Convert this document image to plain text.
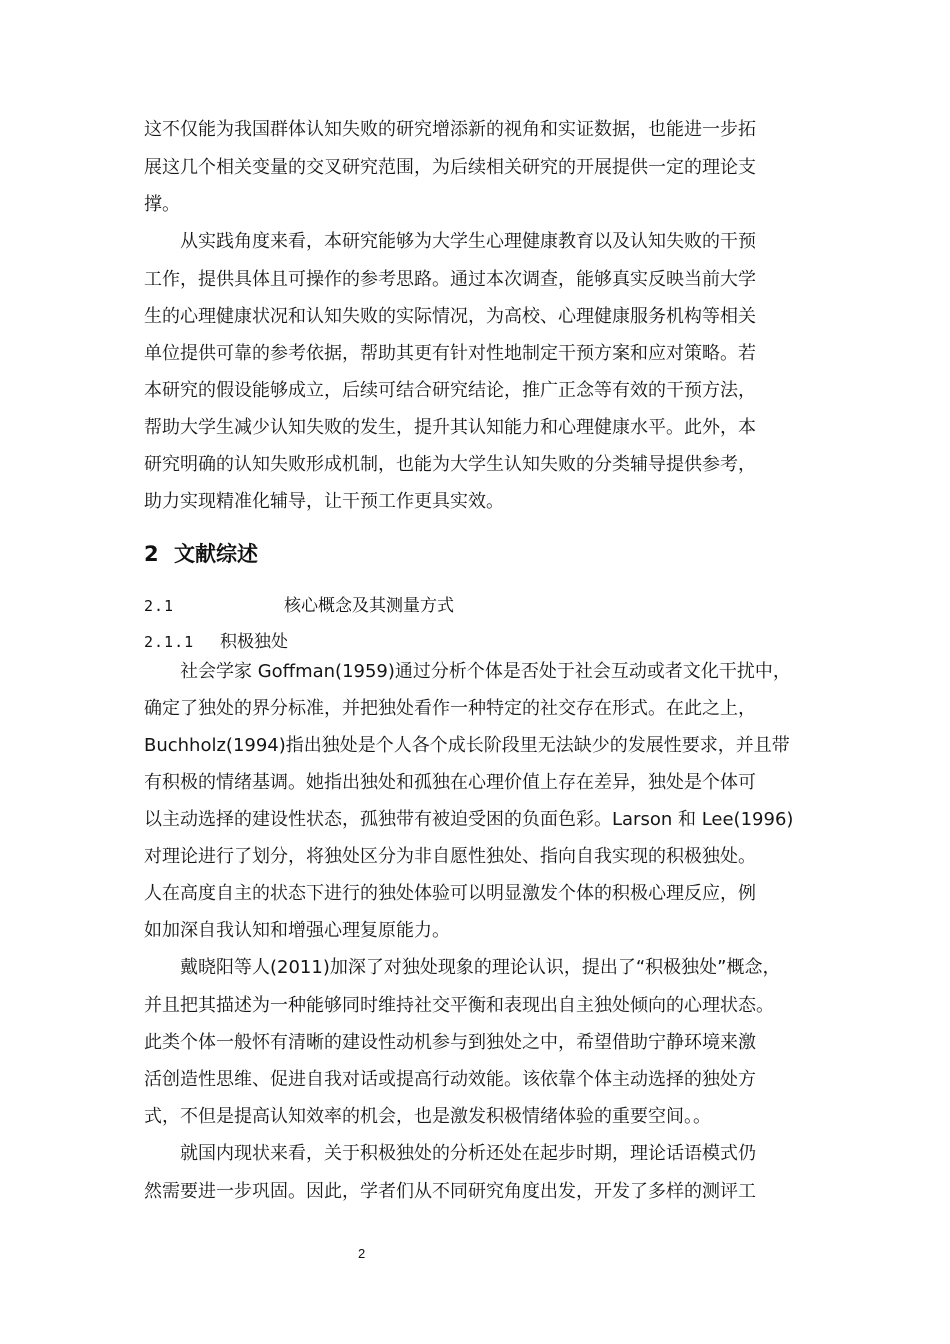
这不仅能为我国群体认知失败的研究增添新的视角和实证数据，也能进一步拓
展这几个相关变量的交叉研究范围，为后续相关研究的开展提供一定的理论支
撑。
从实践角度来看，本研究能够为大学生心理健康教育以及认知失败的干预
工作，提供具体且可操作的参考思路。通过本次调查，能够真实反映当前大学
生的心理健康状况和认知失败的实际情况，为高校、心理健康服务机构等相关
单位提供可靠的参考依据，帮助其更有针对性地制定干预方案和应对策略。若
本研究的假设能够成立，后续可结合研究结论，推广正念等有效的干预方法，
帮助大学生减少认知失败的发生，提升其认知能力和心理健康水平。此外，本
研究明确的认知失败形成机制，也能为大学生认知失败的分类辅导提供参考，
助力实现精准化辅导，让干预工作更具实效。
2 文献综述
2.1	核心概念及其测量方式
2.1.1 积极独处
社会学家 Goffman(1959)通过分析个体是否处于社会互动或者文化干扰中，
确定了独处的界分标准，并把独处看作一种特定的社交存在形式。在此之上，
Buchholz(1994)指出独处是个人各个成长阶段里无法缺少的发展性要求，并且带
有积极的情绪基调。她指出独处和孤独在心理价值上存在差异，独处是个体可
以主动选择的建设性状态，孤独带有被迫受困的负面色彩。Larson 和 Lee(1996)
对理论进行了划分，将独处区分为非自愿性独处、指向自我实现的积极独处。
人在高度自主的状态下进行的独处体验可以明显激发个体的积极心理反应，例
如加深自我认知和增强心理复原能力。
戴晓阳等人(2011)加深了对独处现象的理论认识，提出了“积极独处”概念，
并且把其描述为一种能够同时维持社交平衡和表现出自主独处倾向的心理状态。
此类个体一般怀有清晰的建设性动机参与到独处之中，希望借助宁静环境来激
活创造性思维、促进自我对话或提高行动效能。该依靠个体主动选择的独处方
式，不但是提高认知效率的机会，也是激发积极情绪体验的重要空间。。
就国内现状来看，关于积极独处的分析还处在起步时期，理论话语模式仍
然需要进一步巩固。因此，学者们从不同研究角度出发，开发了多样的测评工
2
